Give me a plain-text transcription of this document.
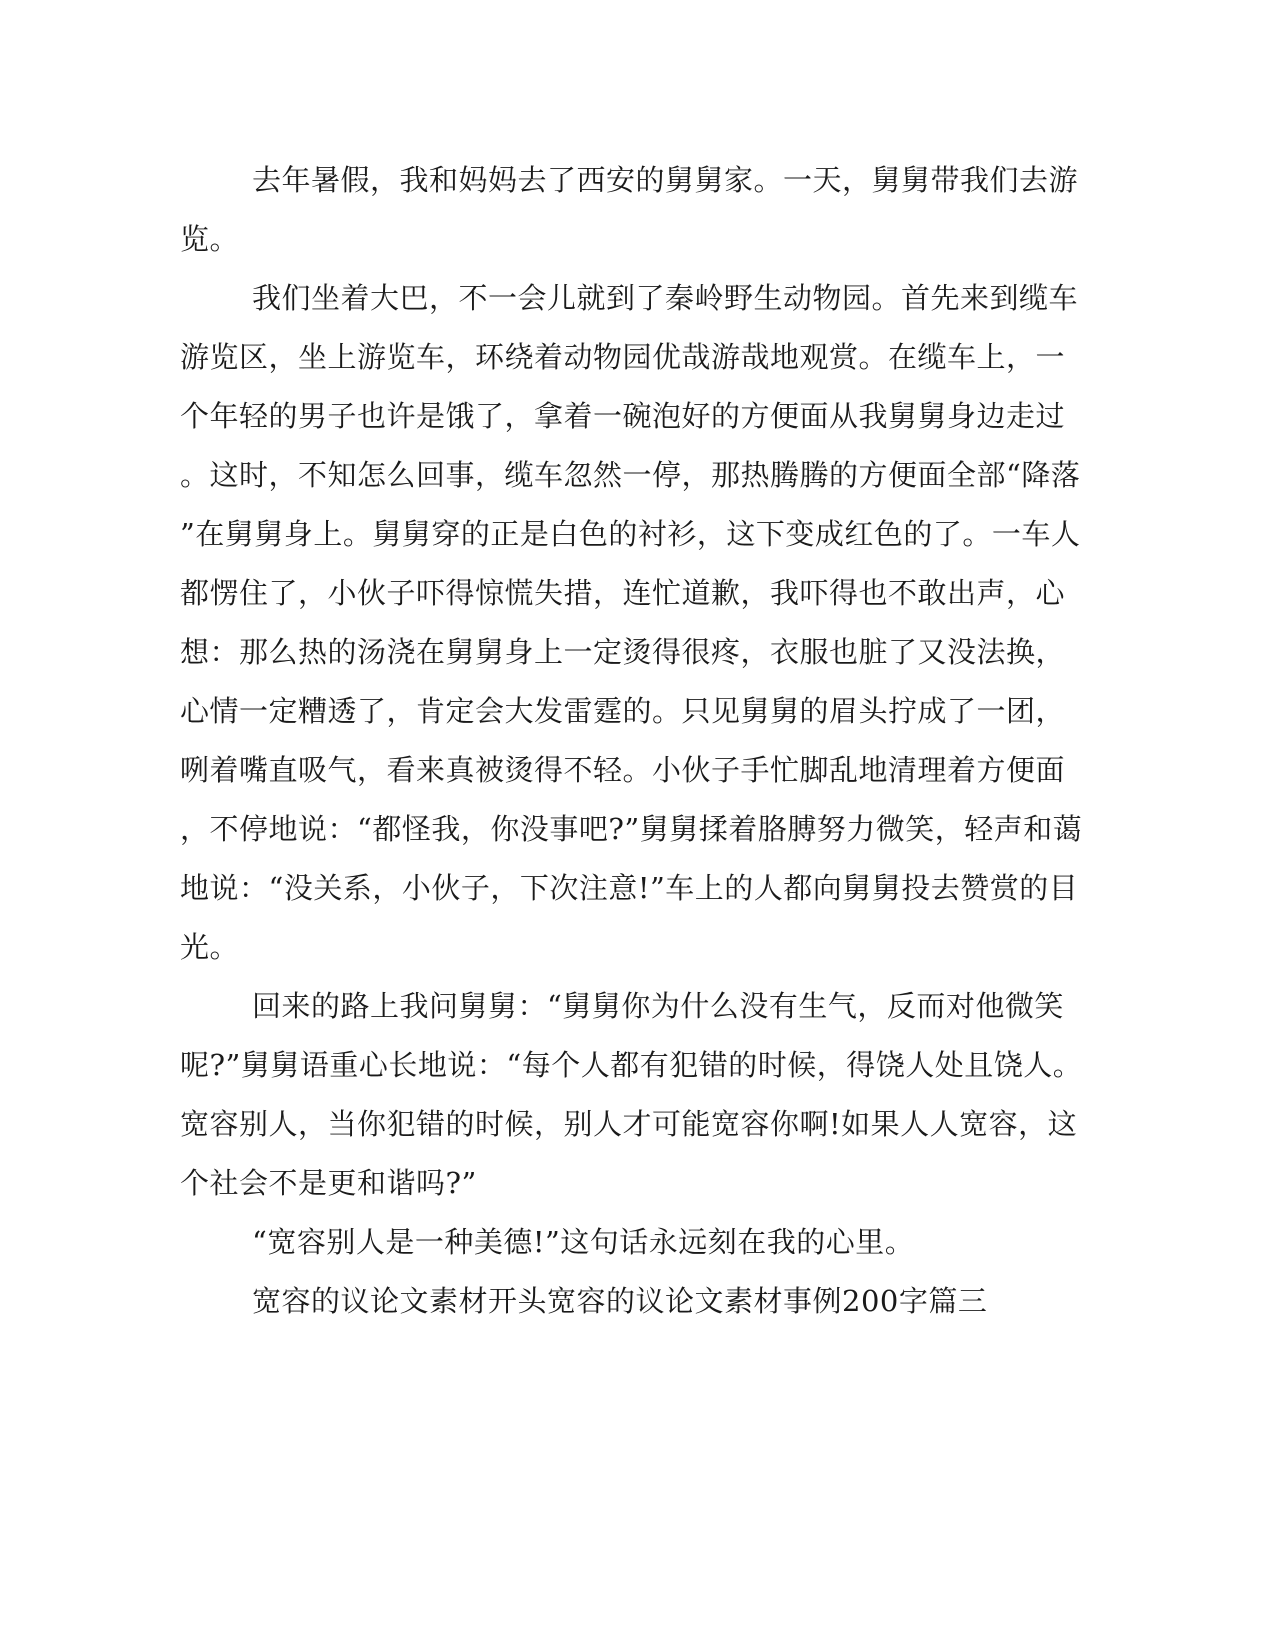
去年暑假，我和妈妈去了西安的舅舅家。一天，舅舅带我们去游
览。
我们坐着大巴，不一会儿就到了秦岭野生动物园。首先来到缆车
游览区，坐上游览车，环绕着动物园优哉游哉地观赏。在缆车上，一
个年轻的男子也许是饿了，拿着一碗泡好的方便面从我舅舅身边走过
。这时，不知怎么回事，缆车忽然一停，那热腾腾的方便面全部“降落
”在舅舅身上。舅舅穿的正是白色的衬衫，这下变成红色的了。一车人
都愣住了，小伙子吓得惊慌失措，连忙道歉，我吓得也不敢出声，心
想：那么热的汤浇在舅舅身上一定烫得很疼，衣服也脏了又没法换，
心情一定糟透了，肯定会大发雷霆的。只见舅舅的眉头拧成了一团，
咧着嘴直吸气，看来真被烫得不轻。小伙子手忙脚乱地清理着方便面
，不停地说：“都怪我，你没事吧?”舅舅揉着胳膊努力微笑，轻声和蔼
地说：“没关系，小伙子，下次注意!”车上的人都向舅舅投去赞赏的目
光。
回来的路上我问舅舅：“舅舅你为什么没有生气，反而对他微笑
呢?”舅舅语重心长地说：“每个人都有犯错的时候，得饶人处且饶人。
宽容别人，当你犯错的时候，别人才可能宽容你啊!如果人人宽容，这
个社会不是更和谐吗?”
“宽容别人是一种美德!”这句话永远刻在我的心里。
宽容的议论文素材开头宽容的议论文素材事例200字篇三
